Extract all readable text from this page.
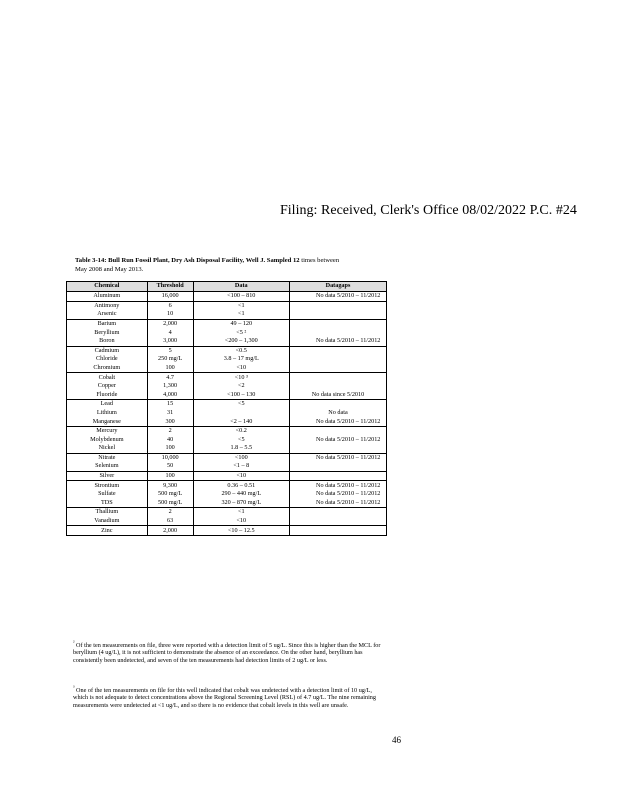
Filing: Received, Clerk's Office 08/02/2022 P.C. #24
Table 3-14: Bull Run Fossil Plant, Dry Ash Disposal Facility, Well J. Sampled 12 times between
May 2008 and May 2013.
Chemical	Threshold	Data	Datagaps
Aluminum	16,000	<100 – 810	No data 5/2010 – 11/2012
Antimony	6	<1	
Arsenic	10	<1	
Barium	2,000	49 – 120	
Beryllium	4	<5 ²	
Boron	3,000	<200 – 1,300	No data 5/2010 – 11/2012
Cadmium	5	<0.5	
Chloride	250 mg/L	3.8 – 17 mg/L	
Chromium	100	<10	
Cobalt	4.7	<10 ³	
Copper	1,300	<2	
Fluoride	4,000	<100 – 130	No data since 5/2010
Lead	15	<5	
Lithium	31		No data
Manganese	300	<2 – 140	No data 5/2010 – 11/2012
Mercury	2	<0.2	
Molybdenum	40	<5	No data 5/2010 – 11/2012
Nickel	100	1.8 – 5.5	
Nitrate	10,000	<100	No data 5/2010 – 11/2012
Selenium	50	<1 – 8	
Silver	100	<10	
Strontium	9,300	0.36 – 0.51	No data 5/2010 – 11/2012
Sulfate	500 mg/L	290 – 440 mg/L	No data 5/2010 – 11/2012
TDS	500 mg/L	320 – 870 mg/L	No data 5/2010 – 11/2012
Thallium	2	<1	
Vanadium	63	<10	
Zinc	2,000	<10 – 12.5	
$^{^2}$ Of the ten measurements on file, three were reported with a detection limit of 5 ug/L. Since this is higher than the MCL for beryllium (4 ug/L), it is not sufficient to demonstrate the absence of an exceedance. On the other hand, beryllium has consistently been undetected, and seven of the ten measurements had detection limits of 2 ug/L or less.
$^{^3}$ One of the ten measurements on file for this well indicated that cobalt was undetected with a detection limit of 10 ug/L, which is not adequate to detect concentrations above the Regional Screening Level (RSL) of 4.7 ug/L. The nine remaining measurements were undetected at <1 ug/L, and so there is no evidence that cobalt levels in this well are unsafe.
46
